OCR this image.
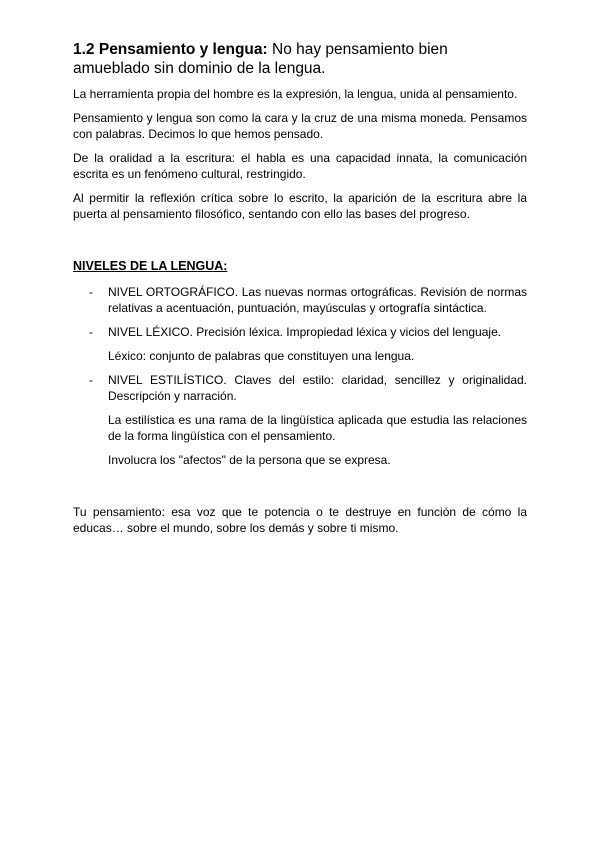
1.2 Pensamiento y lengua: No hay pensamiento bien amueblado sin dominio de la lengua.

La herramienta propia del hombre es la expresión, la lengua, unida al pensamiento.

Pensamiento y lengua son como la cara y la cruz de una misma moneda. Pensamos con palabras. Decimos lo que hemos pensado.

De la oralidad a la escritura: el habla es una capacidad innata, la comunicación escrita es un fenómeno cultural, restringido.

Al permitir la reflexión crítica sobre lo escrito, la aparición de la escritura abre la puerta al pensamiento filosófico, sentando con ello las bases del progreso.

NIVELES DE LA LENGUA:
- NIVEL ORTOGRÁFICO. Las nuevas normas ortográficas. Revisión de normas relativas a acentuación, puntuación, mayúsculas y ortografía sintáctica.

- NIVEL LÉXICO. Precisión léxica. Impropiedad léxica y vicios del lenguaje.

Léxico: conjunto de palabras que constituyen una lengua.

- NIVEL ESTILÍSTICO. Claves del estilo: claridad, sencillez y originalidad. Descripción y narración.

La estilística es una rama de la lingüística aplicada que estudia las relaciones de la forma lingüística con el pensamiento.

Involucra los "afectos" de la persona que se expresa.

Tu pensamiento: esa voz que te potencia o te destruye en función de cómo la educas… sobre el mundo, sobre los demás y sobre ti mismo.
